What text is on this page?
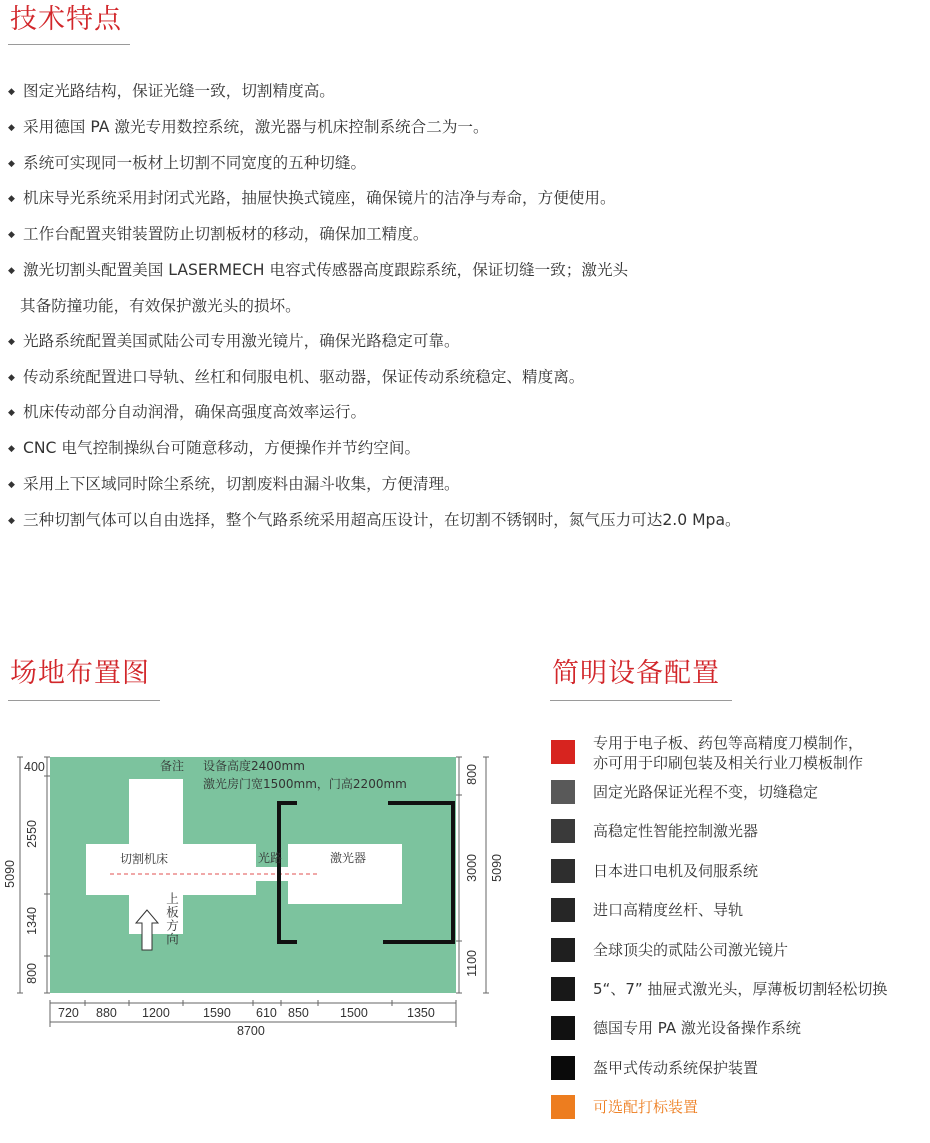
技术特点
◆ 图定光路结构，保证光缝一致，切割精度高。
◆ 采用德国 PA 激光专用数控系统，激光器与机床控制系统合二为一。
◆ 系统可实现同一板材上切割不同宽度的五种切缝。
◆ 机床导光系统采用封闭式光路，抽屉快换式镜座，确保镜片的洁净与寿命，方便使用。
◆ 工作台配置夹钳装置防止切割板材的移动，确保加工精度。
◆ 激光切割头配置美国 LASERMECH 电容式传感器高度跟踪系统，保证切缝一致；激光头
其备防撞功能，有效保护激光头的损坏。
◆ 光路系统配置美国贰陆公司专用激光镜片，确保光路稳定可靠。
◆ 传动系统配置进口导轨、丝杠和伺服电机、驱动器，保证传动系统稳定、精度离。
◆ 机床传动部分自动润滑，确保高强度高效率运行。
◆ CNC 电气控制操纵台可随意移动，方便操作并节约空间。
◆ 采用上下区域同时除尘系统，切割废料由漏斗收集，方便清理。
◆ 三种切割气体可以自由选择，整个气路系统采用超高压设计，在切割不锈钢时，氮气压力可达2.0 Mpa。
场地布置图	简明设备配置
备注 设备高度2400mm
激光房门宽1500mm，门高2200mm
切割机床	光路	激光器
上板方向
400
2550
1340
800
5090
800
3000
1100
5090
720 880 1200	1590 610 850 1500	1350
8700
专用于电子板、药包等高精度刀模制作，
亦可用于印刷包装及相关行业刀模板制作
固定光路保证光程不变，切缝稳定
高稳定性智能控制激光器
日本进口电机及伺服系统
进口高精度丝杆、导轨
全球顶尖的贰陆公司激光镜片
5“、7” 抽屉式激光头，厚薄板切割轻松切换
德国专用 PA 激光设备操作系统
盔甲式传动系统保护装置
可选配打标装置
